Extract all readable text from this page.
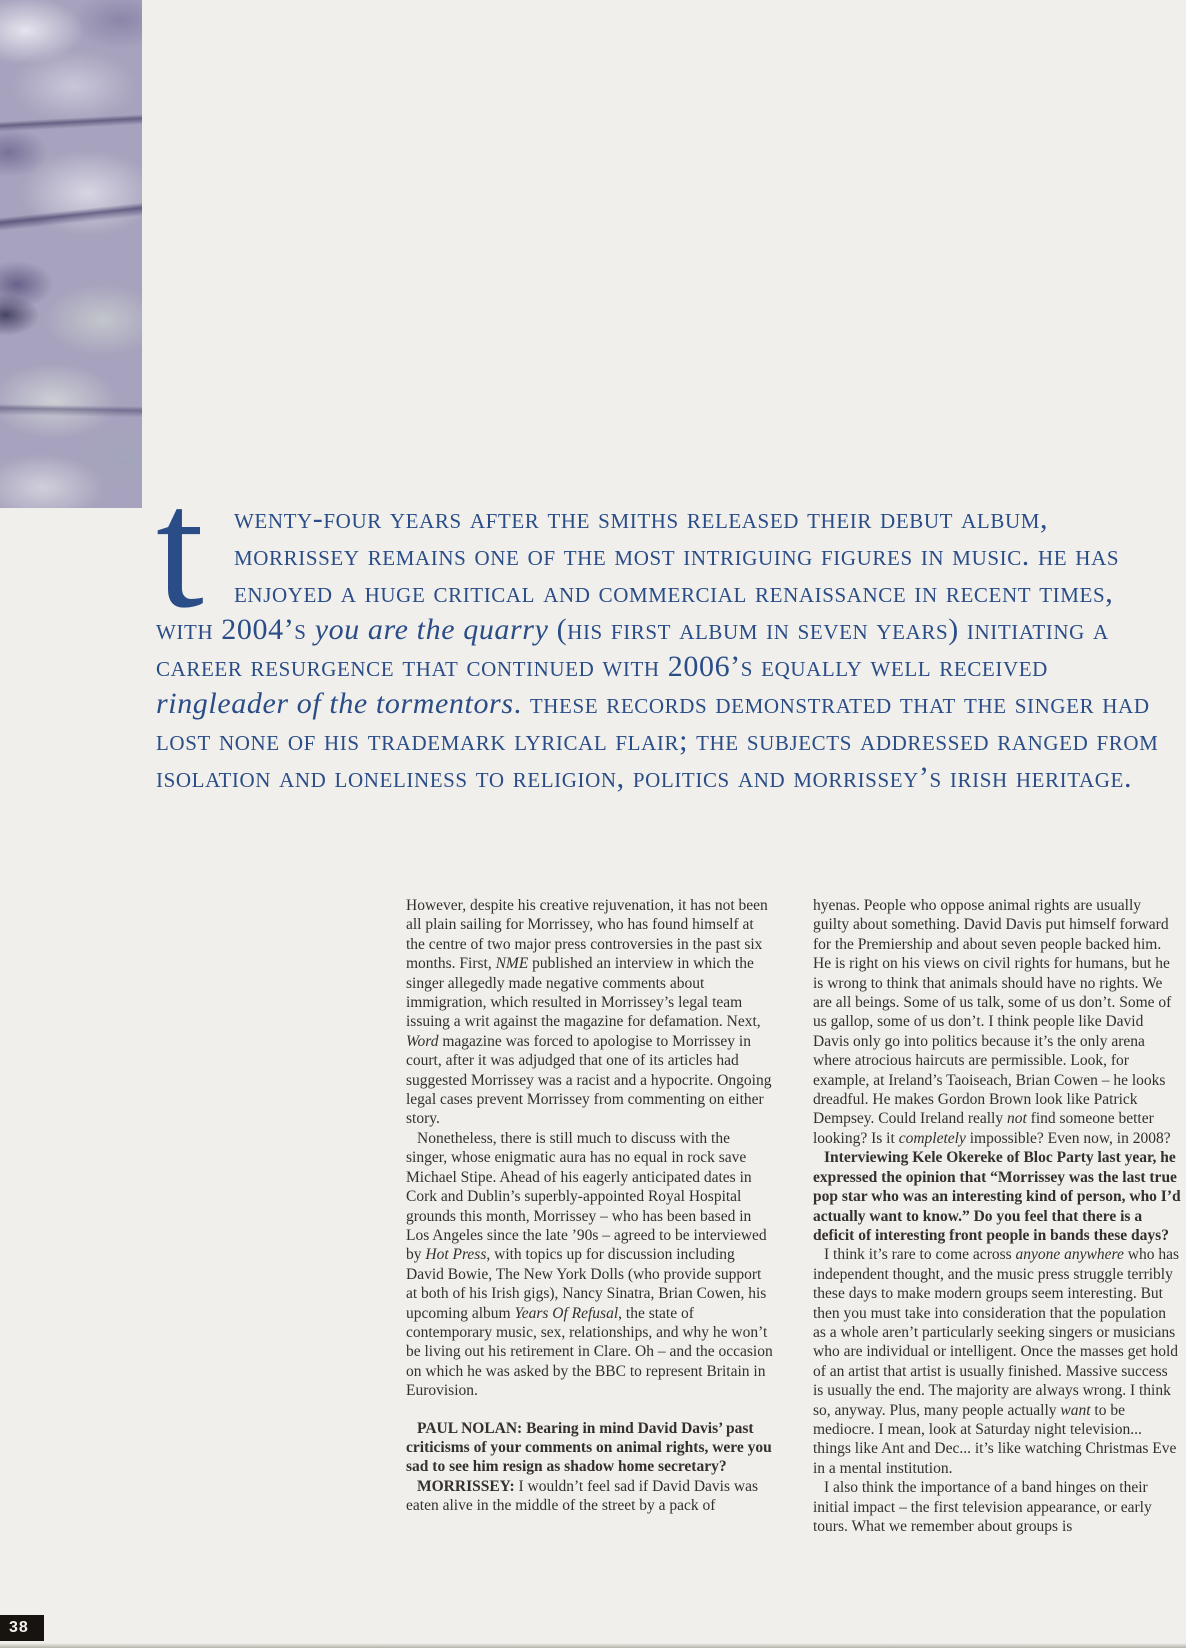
t	wenty-four years after the smiths released their debut album, morrissey remains one of the most intriguing figures in music. he has enjoyed a huge critical and commercial renaissance in recent times, with 2004’s you are the quarry (his first album in seven years) initiating a career resurgence that continued with 2006’s equally well received ringleader of the tormentors. these records demonstrated that the singer had lost none of his trademark lyrical flair; the subjects addressed ranged from isolation and loneliness to religion, politics and morrissey’s irish heritage.

However, despite his creative rejuvenation, it has not been all plain sailing for Morrissey, who has found himself at the centre of two major press controversies in the past six months. First, NME published an interview in which the singer allegedly made negative comments about immigration, which resulted in Morrissey’s legal team issuing a writ against the magazine for defamation. Next, Word magazine was forced to apologise to Morrissey in court, after it was adjudged that one of its articles had suggested Morrissey was a racist and a hypocrite. Ongoing legal cases prevent Morrissey from commenting on either story.

Nonetheless, there is still much to discuss with the singer, whose enigmatic aura has no equal in rock save Michael Stipe. Ahead of his eagerly anticipated dates in Cork and Dublin’s superbly-appointed Royal Hospital grounds this month, Morrissey – who has been based in Los Angeles since the late ’90s – agreed to be interviewed by Hot Press, with topics up for discussion including David Bowie, The New York Dolls (who provide support at both of his Irish gigs), Nancy Sinatra, Brian Cowen, his upcoming album Years Of Refusal, the state of contemporary music, sex, relationships, and why he won’t be living out his retirement in Clare. Oh – and the occasion on which he was asked by the BBC to represent Britain in Eurovision.

PAUL NOLAN: Bearing in mind David Davis’ past criticisms of your comments on animal rights, were you sad to see him resign as shadow home secretary?

MORRISSEY: I wouldn’t feel sad if David Davis was eaten alive in the middle of the street by a pack of

hyenas. People who oppose animal rights are usually guilty about something. David Davis put himself forward for the Premiership and about seven people backed him. He is right on his views on civil rights for humans, but he is wrong to think that animals should have no rights. We are all beings. Some of us talk, some of us don’t. Some of us gallop, some of us don’t. I think people like David Davis only go into politics because it’s the only arena where atrocious haircuts are permissible. Look, for example, at Ireland’s Taoiseach, Brian Cowen – he looks dreadful. He makes Gordon Brown look like Patrick Dempsey. Could Ireland really not find someone better looking? Is it completely impossible? Even now, in 2008?

Interviewing Kele Okereke of Bloc Party last year, he expressed the opinion that “Morrissey was the last true pop star who was an interesting kind of person, who I’d actually want to know.” Do you feel that there is a deficit of interesting front people in bands these days?

I think it’s rare to come across anyone anywhere who has independent thought, and the music press struggle terribly these days to make modern groups seem interesting. But then you must take into consideration that the population as a whole aren’t particularly seeking singers or musicians who are individual or intelligent. Once the masses get hold of an artist that artist is usually finished. Massive success is usually the end. The majority are always wrong. I think so, anyway. Plus, many people actually want to be mediocre. I mean, look at Saturday night television... things like Ant and Dec... it’s like watching Christmas Eve in a mental institution.

I also think the importance of a band hinges on their initial impact – the first television appearance, or early tours. What we remember about groups is

38
